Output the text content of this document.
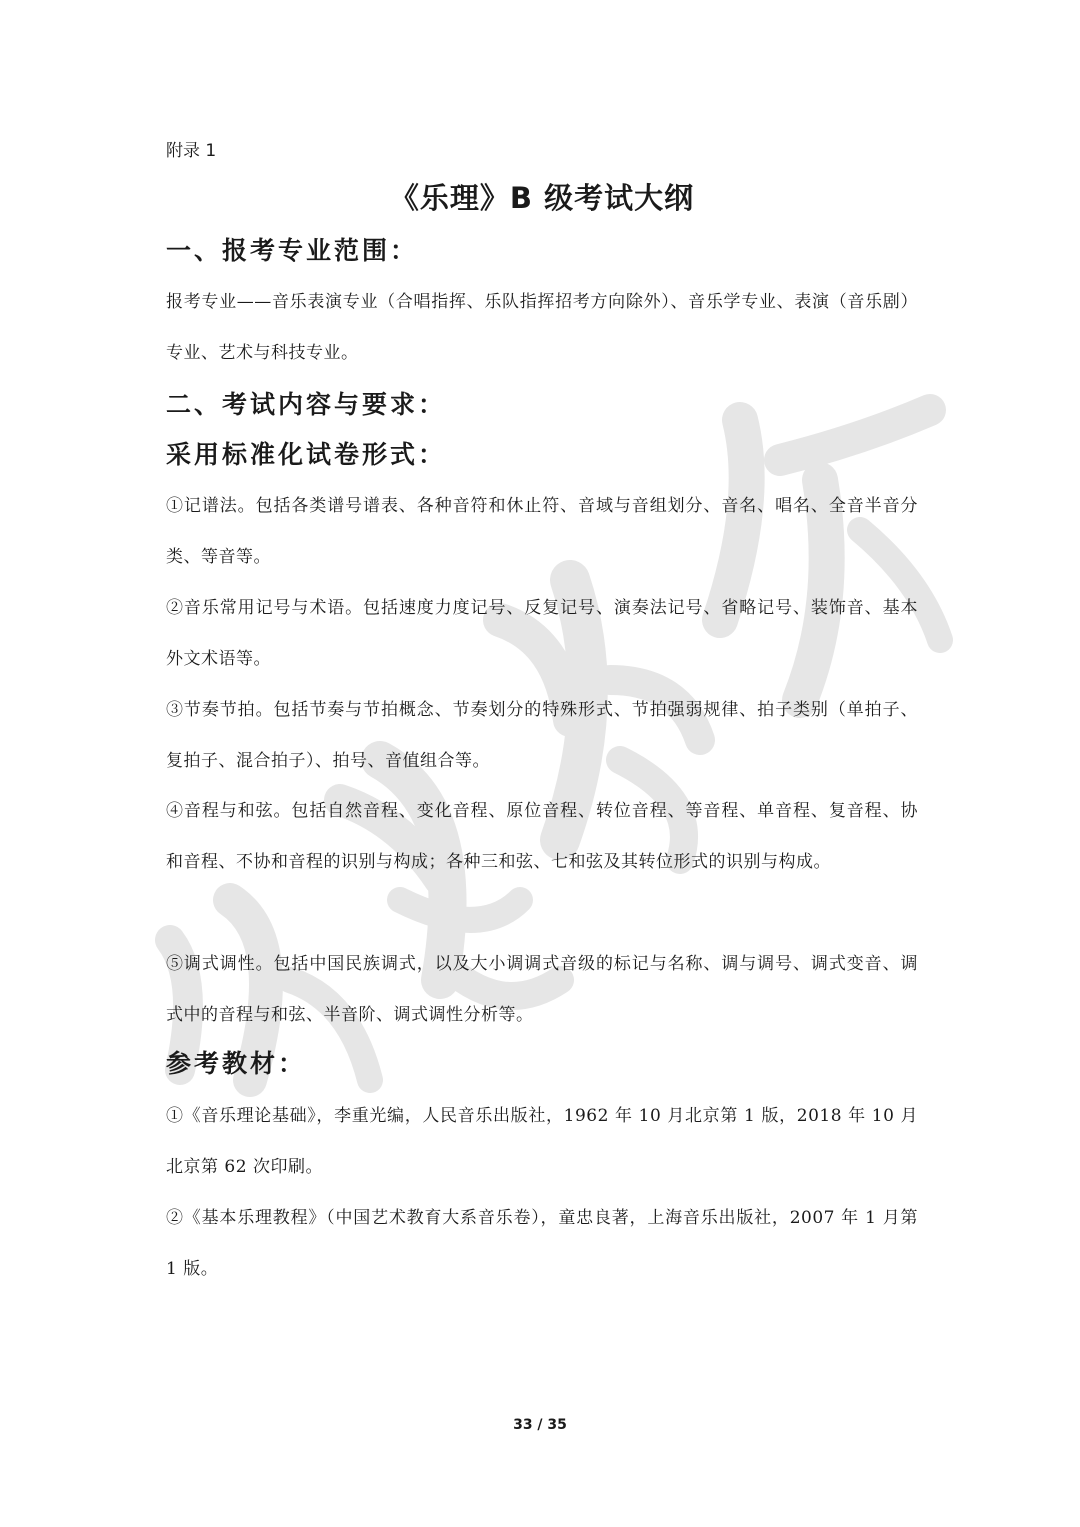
附录 1
《乐理》B 级考试大纲
一、报考专业范围：
报考专业——音乐表演专业（合唱指挥、乐队指挥招考方向除外）、音乐学专业、表演（音乐剧）专业、艺术与科技专业。
二、考试内容与要求：
采用标准化试卷形式：
①记谱法。包括各类谱号谱表、各种音符和休止符、音域与音组划分、音名、唱名、全音半音分类、等音等。
②音乐常用记号与术语。包括速度力度记号、反复记号、演奏法记号、省略记号、装饰音、基本外文术语等。
③节奏节拍。包括节奏与节拍概念、节奏划分的特殊形式、节拍强弱规律、拍子类别（单拍子、复拍子、混合拍子）、拍号、音值组合等。
④音程与和弦。包括自然音程、变化音程、原位音程、转位音程、等音程、单音程、复音程、协和音程、不协和音程的识别与构成；各种三和弦、七和弦及其转位形式的识别与构成。
⑤调式调性。包括中国民族调式，以及大小调调式音级的标记与名称、调与调号、调式变音、调式中的音程与和弦、半音阶、调式调性分析等。
参考教材：
①《音乐理论基础》，李重光编，人民音乐出版社，1962 年 10 月北京第 1 版，2018 年 10 月北京第 62 次印刷。
②《基本乐理教程》（中国艺术教育大系音乐卷），童忠良著，上海音乐出版社，2007 年 1 月第 1 版。
33 / 35
